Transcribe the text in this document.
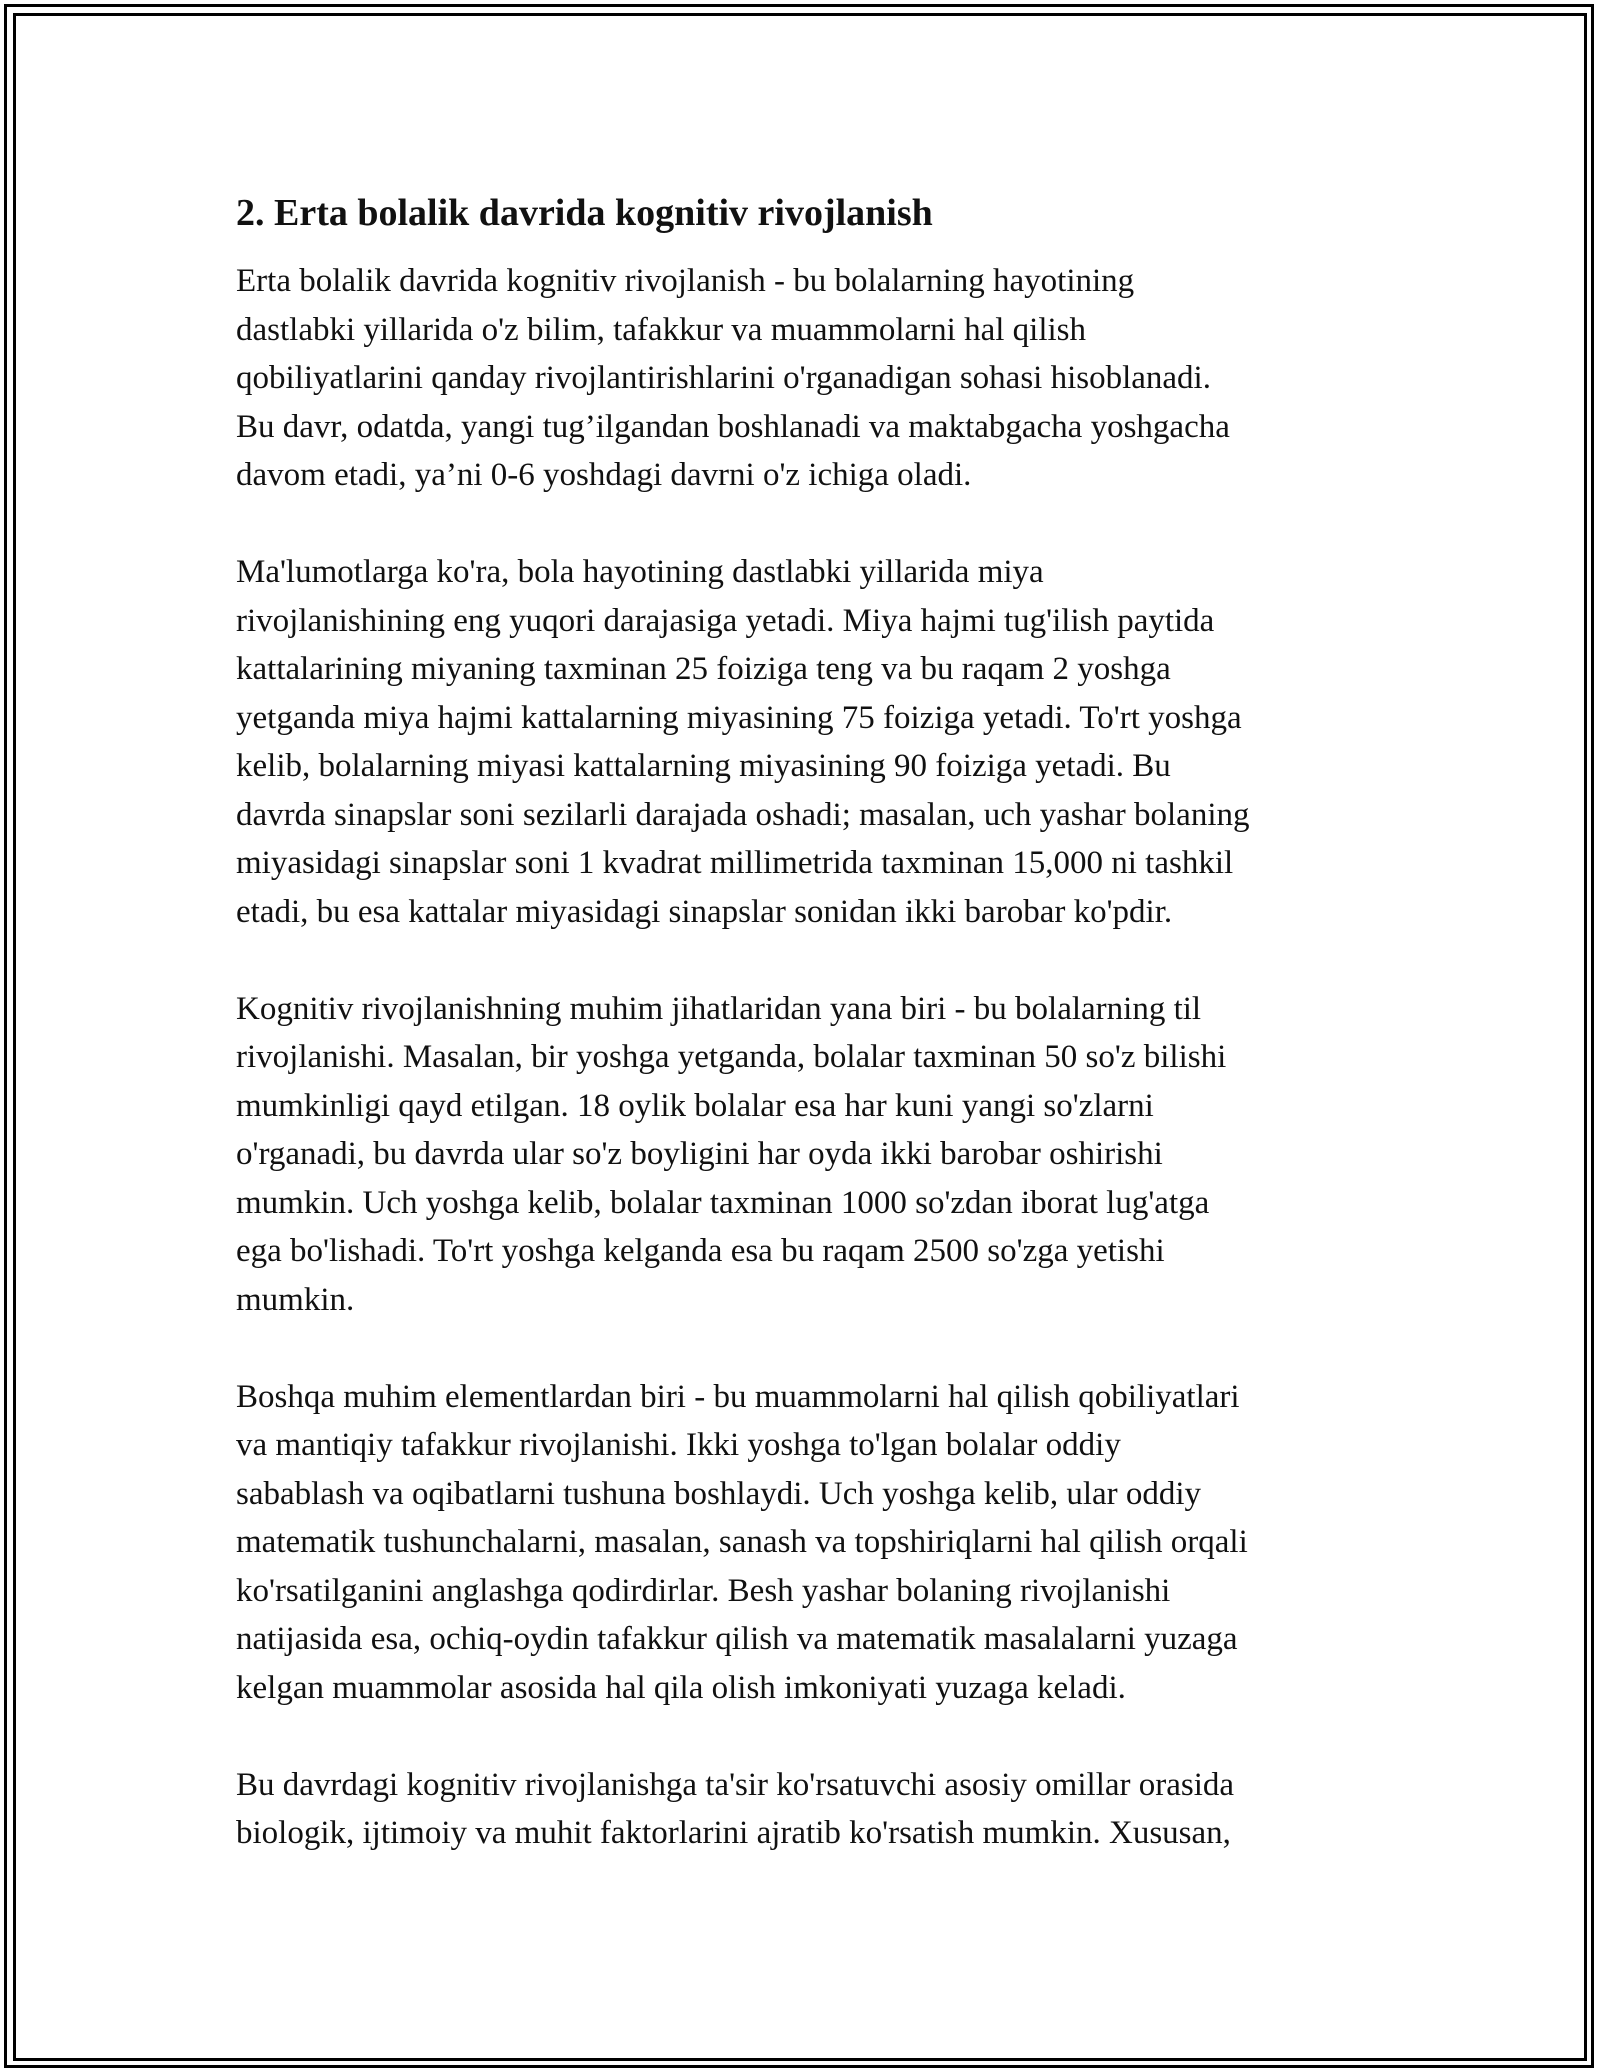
2. Erta bolalik davrida kognitiv rivojlanish

Erta bolalik davrida kognitiv rivojlanish - bu bolalarning hayotining
dastlabki yillarida o'z bilim, tafakkur va muammolarni hal qilish
qobiliyatlarini qanday rivojlantirishlarini o'rganadigan sohasi hisoblanadi.
Bu davr, odatda, yangi tug’ilgandan boshlanadi va maktabgacha yoshgacha
davom etadi, ya’ni 0-6 yoshdagi davrni o'z ichiga oladi.

Ma'lumotlarga ko'ra, bola hayotining dastlabki yillarida miya
rivojlanishining eng yuqori darajasiga yetadi. Miya hajmi tug'ilish paytida
kattalarining miyaning taxminan 25 foiziga teng va bu raqam 2 yoshga
yetganda miya hajmi kattalarning miyasining 75 foiziga yetadi. To'rt yoshga
kelib, bolalarning miyasi kattalarning miyasining 90 foiziga yetadi. Bu
davrda sinapslar soni sezilarli darajada oshadi; masalan, uch yashar bolaning
miyasidagi sinapslar soni 1 kvadrat millimetrida taxminan 15,000 ni tashkil
etadi, bu esa kattalar miyasidagi sinapslar sonidan ikki barobar ko'pdir.

Kognitiv rivojlanishning muhim jihatlaridan yana biri - bu bolalarning til
rivojlanishi. Masalan, bir yoshga yetganda, bolalar taxminan 50 so'z bilishi
mumkinligi qayd etilgan. 18 oylik bolalar esa har kuni yangi so'zlarni
o'rganadi, bu davrda ular so'z boyligini har oyda ikki barobar oshirishi
mumkin. Uch yoshga kelib, bolalar taxminan 1000 so'zdan iborat lug'atga
ega bo'lishadi. To'rt yoshga kelganda esa bu raqam 2500 so'zga yetishi
mumkin.

Boshqa muhim elementlardan biri - bu muammolarni hal qilish qobiliyatlari
va mantiqiy tafakkur rivojlanishi. Ikki yoshga to'lgan bolalar oddiy
sabablash va oqibatlarni tushuna boshlaydi. Uch yoshga kelib, ular oddiy
matematik tushunchalarni, masalan, sanash va topshiriqlarni hal qilish orqali
ko'rsatilganini anglashga qodirdirlar. Besh yashar bolaning rivojlanishi
natijasida esa, ochiq-oydin tafakkur qilish va matematik masalalarni yuzaga
kelgan muammolar asosida hal qila olish imkoniyati yuzaga keladi.

Bu davrdagi kognitiv rivojlanishga ta'sir ko'rsatuvchi asosiy omillar orasida
biologik, ijtimoiy va muhit faktorlarini ajratib ko'rsatish mumkin. Xususan,
